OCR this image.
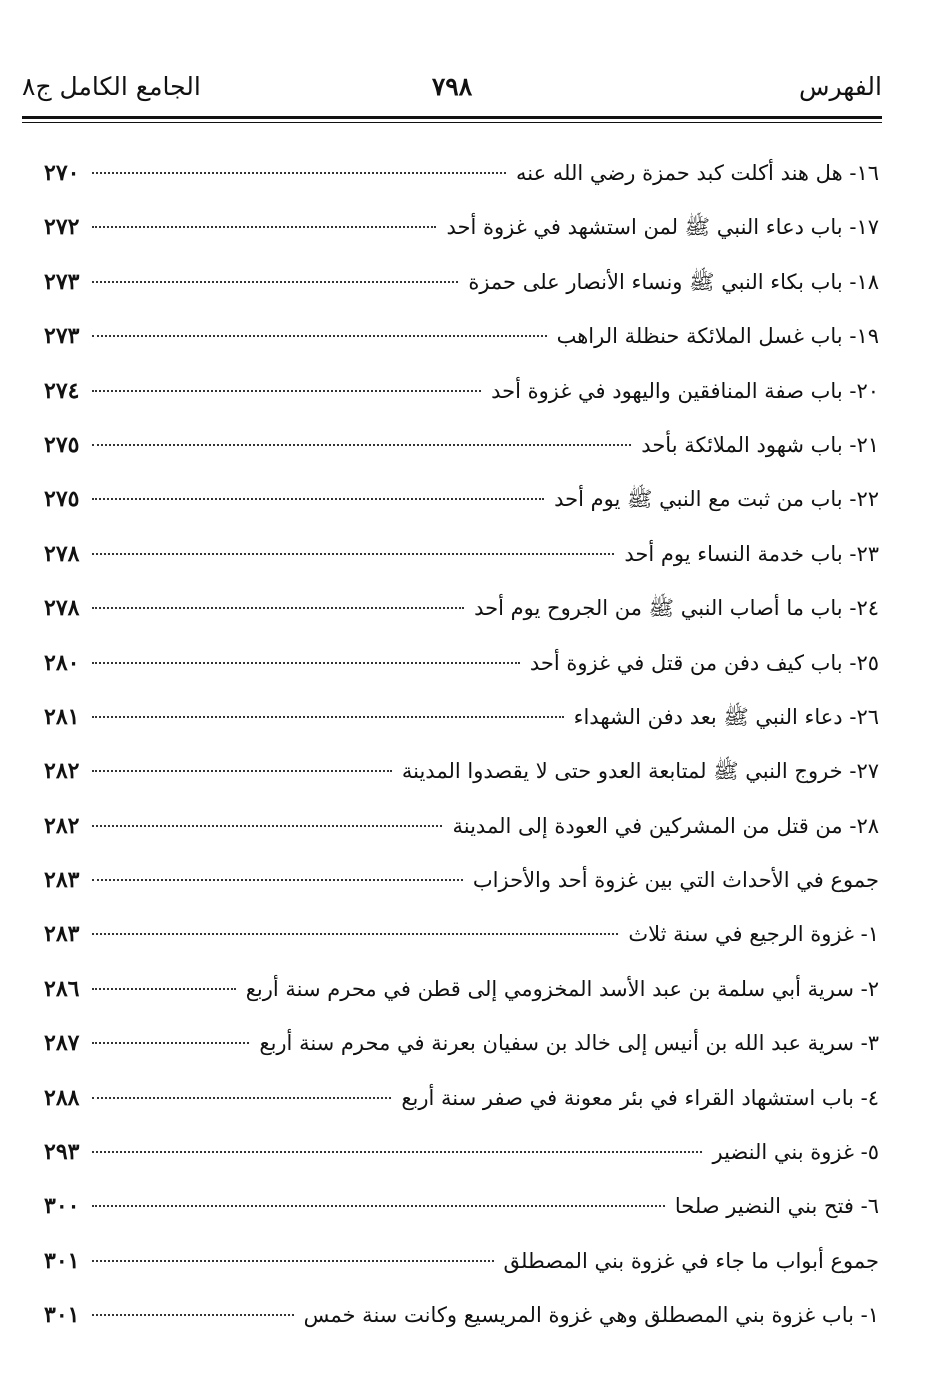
الفهرس
٧٩٨
الجامع الكامل ج٨
١٦- هل هند أكلت كبد حمزة رضي الله عنه
٢٧٠
١٧- باب دعاء النبي ﷺ لمن استشهد في غزوة أحد
٢٧٢
١٨- باب بكاء النبي ﷺ ونساء الأنصار على حمزة
٢٧٣
١٩- باب غسل الملائكة حنظلة الراهب
٢٧٣
٢٠- باب صفة المنافقين واليهود في غزوة أحد
٢٧٤
٢١- باب شهود الملائكة بأحد
٢٧٥
٢٢- باب من ثبت مع النبي ﷺ يوم أحد
٢٧٥
٢٣- باب خدمة النساء يوم أحد
٢٧٨
٢٤- باب ما أصاب النبي ﷺ من الجروح يوم أحد
٢٧٨
٢٥- باب كيف دفن من قتل في غزوة أحد
٢٨٠
٢٦- دعاء النبي ﷺ بعد دفن الشهداء
٢٨١
٢٧- خروج النبي ﷺ لمتابعة العدو حتى لا يقصدوا المدينة
٢٨٢
٢٨- من قتل من المشركين في العودة إلى المدينة
٢٨٢
جموع في الأحداث التي بين غزوة أحد والأحزاب
٢٨٣
١- غزوة الرجيع في سنة ثلاث
٢٨٣
٢- سرية أبي سلمة بن عبد الأسد المخزومي إلى قطن في محرم سنة أربع
٢٨٦
٣- سرية عبد الله بن أنيس إلى خالد بن سفيان بعرنة في محرم سنة أربع
٢٨٧
٤- باب استشهاد القراء في بئر معونة في صفر سنة أربع
٢٨٨
٥- غزوة بني النضير
٢٩٣
٦- فتح بني النضير صلحا
٣٠٠
جموع أبواب ما جاء في غزوة بني المصطلق
٣٠١
١- باب غزوة بني المصطلق وهي غزوة المريسيع وكانت سنة خمس
٣٠١
